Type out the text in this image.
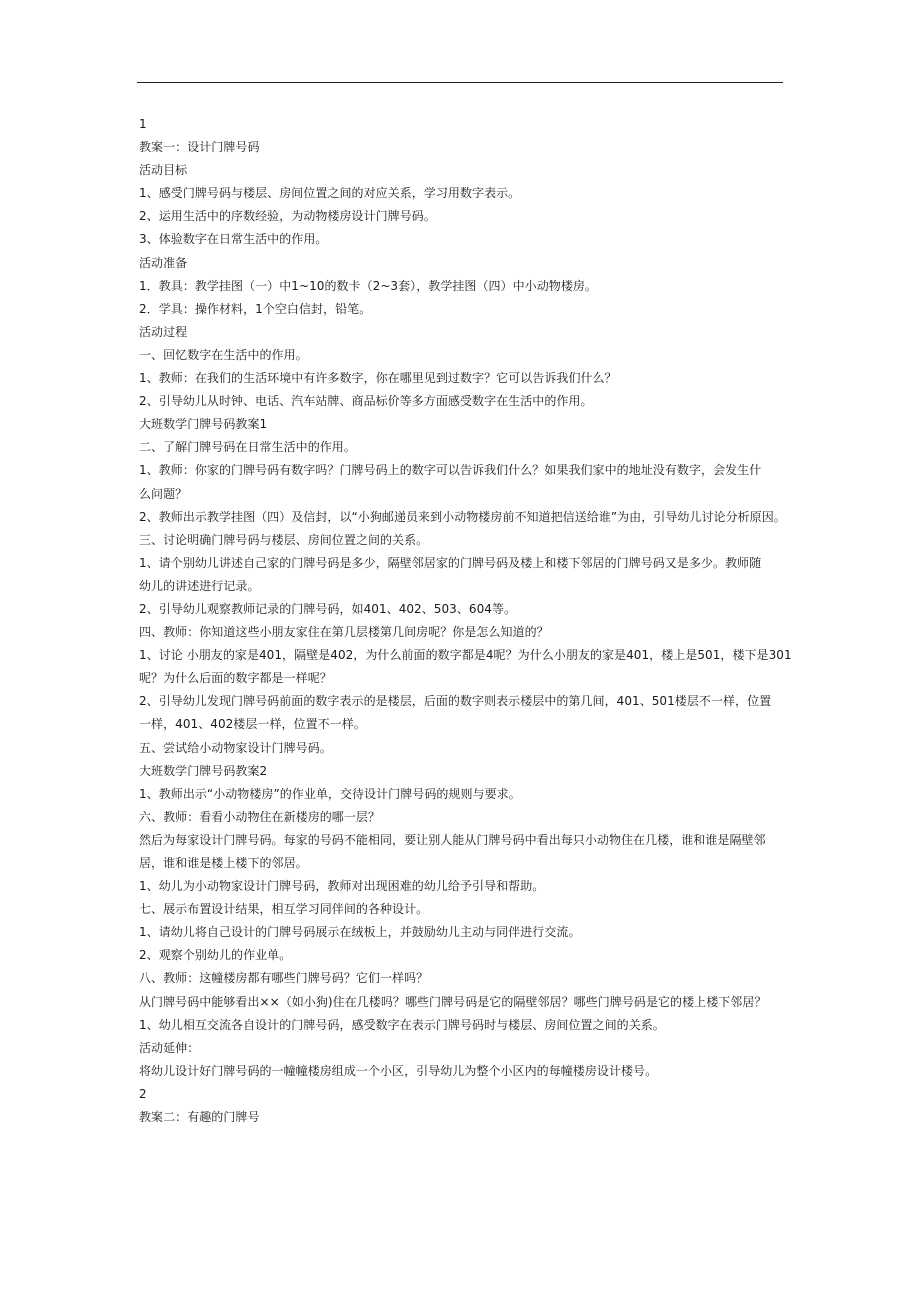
1
教案一：设计门牌号码
活动目标
1、感受门牌号码与楼层、房间位置之间的对应关系，学习用数字表示。
2、运用生活中的序数经验，为动物楼房设计门牌号码。
3、体验数字在日常生活中的作用。
活动准备
1．教具：教学挂图（一）中1~10的数卡（2~3套），教学挂图（四）中小动物楼房。
2．学具：操作材料，1个空白信封，铅笔。
活动过程
一、回忆数字在生活中的作用。
1、教师：在我们的生活环境中有许多数字，你在哪里见到过数字？它可以告诉我们什么？
2、引导幼儿从时钟、电话、汽车站牌、商品标价等多方面感受数字在生活中的作用。
大班数学门牌号码教案1
二、了解门牌号码在日常生活中的作用。
1、教师：你家的门牌号码有数字吗？门牌号码上的数字可以告诉我们什么？如果我们家中的地址没有数字，会发生什
么问题？
2、教师出示教学挂图（四）及信封，以“小狗邮递员来到小动物楼房前不知道把信送给谁”为由，引导幼儿讨论分析原因。
三、讨论明确门牌号码与楼层、房间位置之间的关系。
1、请个别幼儿讲述自己家的门牌号码是多少，隔壁邻居家的门牌号码及楼上和楼下邻居的门牌号码又是多少。教师随
幼儿的讲述进行记录。
2、引导幼儿观察教师记录的门牌号码，如401、402、503、604等。
四、教师：你知道这些小朋友家住在第几层楼第几间房呢？你是怎么知道的？
1、讨论 小朋友的家是401，隔壁是402，为什么前面的数字都是4呢？为什么小朋友的家是401，楼上是501，楼下是301
呢？为什么后面的数字都是一样呢？
2、引导幼儿发现门牌号码前面的数字表示的是楼层，后面的数字则表示楼层中的第几间，401、501楼层不一样，位置
一样，401、402楼层一样，位置不一样。
五、尝试给小动物家设计门牌号码。
大班数学门牌号码教案2
1、教师出示“小动物楼房”的作业单，交待设计门牌号码的规则与要求。
六、教师：看看小动物住在新楼房的哪一层？
然后为每家设计门牌号码。每家的号码不能相同，要让别人能从门牌号码中看出每只小动物住在几楼，谁和谁是隔壁邻
居，谁和谁是楼上楼下的邻居。
1、幼儿为小动物家设计门牌号码，教师对出现困难的幼儿给予引导和帮助。
七、展示布置设计结果，相互学习同伴间的各种设计。
1、请幼儿将自己设计的门牌号码展示在绒板上，并鼓励幼儿主动与同伴进行交流。
2、观察个别幼儿的作业单。
八、教师：这幢楼房都有哪些门牌号码？它们一样吗？
从门牌号码中能够看出××（如小狗)住在几楼吗？哪些门牌号码是它的隔壁邻居？哪些门牌号码是它的楼上楼下邻居？
1、幼儿相互交流各自设计的门牌号码，感受数字在表示门牌号码时与楼层、房间位置之间的关系。
活动延伸：
将幼儿设计好门牌号码的一幢幢楼房组成一个小区，引导幼儿为整个小区内的每幢楼房设计楼号。
2
教案二：有趣的门牌号
